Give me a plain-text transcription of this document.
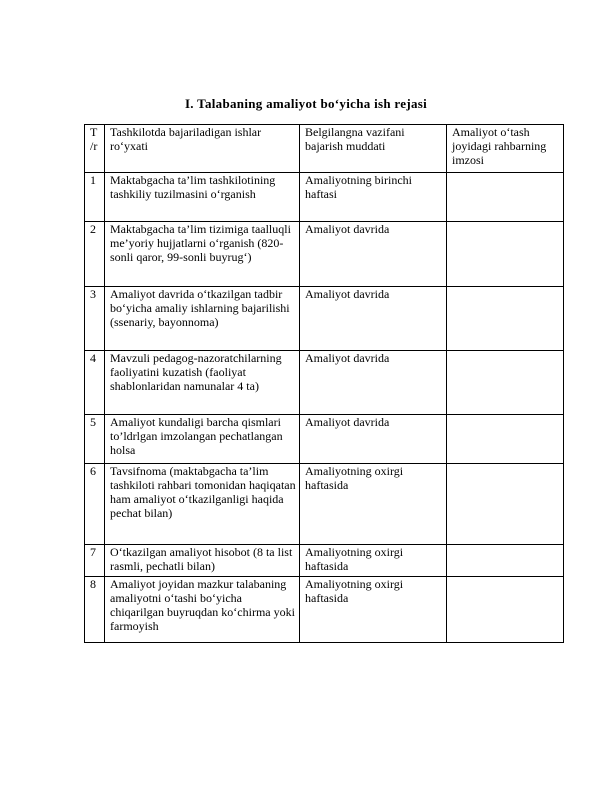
I. Talabaning amaliyot bo‘yicha ish rejasi
T /r	Tashkilotda bajariladigan ishlar ro‘yxati	Belgilangna vazifani bajarish muddati	Amaliyot o‘tash joyidagi rahbarning imzosi
1	Maktabgacha ta’lim tashkilotining tashkiliy tuzilmasini o‘rganish	Amaliyotning birinchi haftasi	
2	Maktabgacha ta’lim tizimiga taalluqli me’yoriy hujjatlarni o‘rganish (820-sonli qaror, 99-sonli buyrug‘)	Amaliyot davrida	
3	Amaliyot davrida o‘tkazilgan tadbir bo‘yicha amaliy ishlarning bajarilishi (ssenariy, bayonnoma)	Amaliyot davrida	
4	Mavzuli pedagog-nazoratchilarning faoliyatini kuzatish (faoliyat shablonlaridan namunalar 4 ta)	Amaliyot davrida	
5	Amaliyot kundaligi barcha qismlari to’ldrlgan imzolangan pechatlangan holsa	Amaliyot davrida	
6	Tavsifnoma (maktabgacha ta’lim tashkiloti rahbari tomonidan haqiqatan ham amaliyot o‘tkazilganligi haqida pechat bilan)	Amaliyotning oxirgi haftasida	
7	O‘tkazilgan amaliyot hisobot (8 ta list rasmli, pechatli bilan)	Amaliyotning oxirgi haftasida	
8	Amaliyot joyidan mazkur talabaning amaliyotni o‘tashi bo‘yicha chiqarilgan buyruqdan ko‘chirma yoki farmoyish	Amaliyotning oxirgi haftasida	
